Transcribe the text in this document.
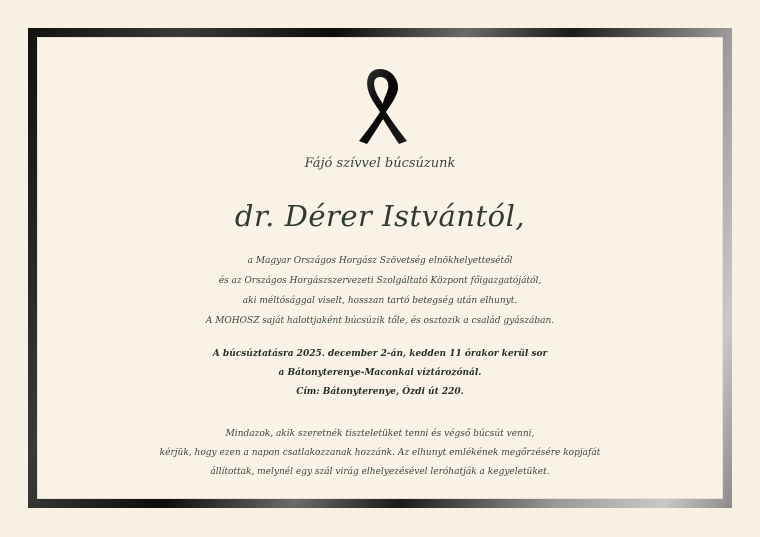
Fájó szívvel búcsúzunk
dr. Dérer Istvántól,
a Magyar Országos Horgász Szövetség elnökhelyettesétől
és az Országos Horgászszervezeti Szolgáltató Központ főigazgatójától,
aki méltósággal viselt, hosszan tartó betegség után elhunyt.
A MOHOSZ saját halottjaként búcsúzik tőle, és osztozik a család gyászában.
A búcsúztatásra 2025. december 2-án, kedden 11 órakor kerül sor
a Bátonyterenye-Maconkai víztározónál.
Cím: Bátonyterenye, Ózdi út 220.
Mindazok, akik szeretnék tiszteletüket tenni és végső búcsút venni,
kérjük, hogy ezen a napon csatlakozzanak hozzánk. Az elhunyt emlékének megőrzésére kopjafát
állítottak, melynél egy szál virág elhelyezésével leróhatják a kegyeletüket.
